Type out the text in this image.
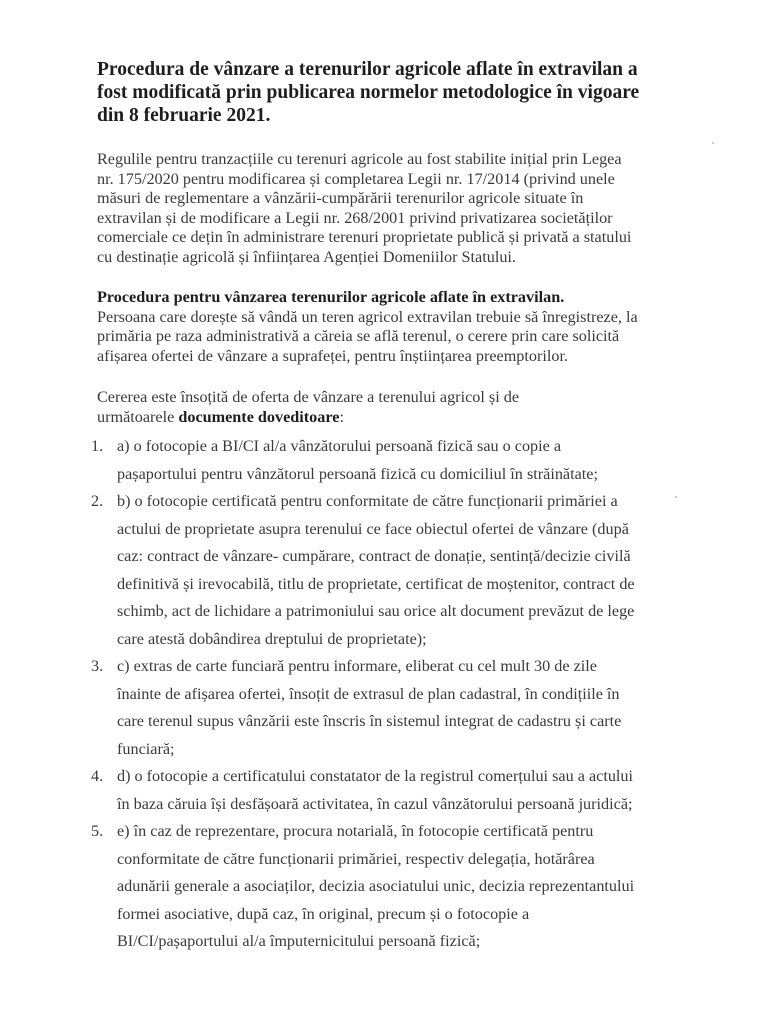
Procedura de vânzare a terenurilor agricole aflate în extravilan a
fost modificată prin publicarea normelor metodologice în vigoare
din 8 februarie 2021.

Regulile pentru tranzacțiile cu terenuri agricole au fost stabilite inițial prin Legea
nr. 175/2020 pentru modificarea și completarea Legii nr. 17/2014 (privind unele
măsuri de reglementare a vânzării-cumpărării terenurilor agricole situate în
extravilan și de modificare a Legii nr. 268/2001 privind privatizarea societăților
comerciale ce dețin în administrare terenuri proprietate publică și privată a statului
cu destinație agricolă și înființarea Agenției Domeniilor Statului.

Procedura pentru vânzarea terenurilor agricole aflate în extravilan.
Persoana care dorește să vândă un teren agricol extravilan trebuie să înregistreze, la
primăria pe raza administrativă a căreia se află terenul, o cerere prin care solicită
afișarea ofertei de vânzare a suprafeței, pentru înștiințarea preemptorilor.

Cererea este însoțită de oferta de vânzare a terenului agricol și de
următoarele documente doveditoare:

1. a) o fotocopie a BI/CI al/a vânzătorului persoană fizică sau o copie a
pașaportului pentru vânzătorul persoană fizică cu domiciliul în străinătate;
2. b) o fotocopie certificată pentru conformitate de către funcționarii primăriei a
actului de proprietate asupra terenului ce face obiectul ofertei de vânzare (după
caz: contract de vânzare- cumpărare, contract de donație, sentință/decizie civilă
definitivă și irevocabilă, titlu de proprietate, certificat de moștenitor, contract de
schimb, act de lichidare a patrimoniului sau orice alt document prevăzut de lege
care atestă dobândirea dreptului de proprietate);
3. c) extras de carte funciară pentru informare, eliberat cu cel mult 30 de zile
înainte de afișarea ofertei, însoțit de extrasul de plan cadastral, în condițiile în
care terenul supus vânzării este înscris în sistemul integrat de cadastru și carte
funciară;
4. d) o fotocopie a certificatului constatator de la registrul comerțului sau a actului
în baza căruia își desfășoară activitatea, în cazul vânzătorului persoană juridică;
5. e) în caz de reprezentare, procura notarială, în fotocopie certificată pentru
conformitate de către funcționarii primăriei, respectiv delegația, hotărârea
adunării generale a asociaților, decizia asociatului unic, decizia reprezentantului
formei asociative, după caz, în original, precum și o fotocopie a
BI/CI/pașaportului al/a împuternicitului persoană fizică;
